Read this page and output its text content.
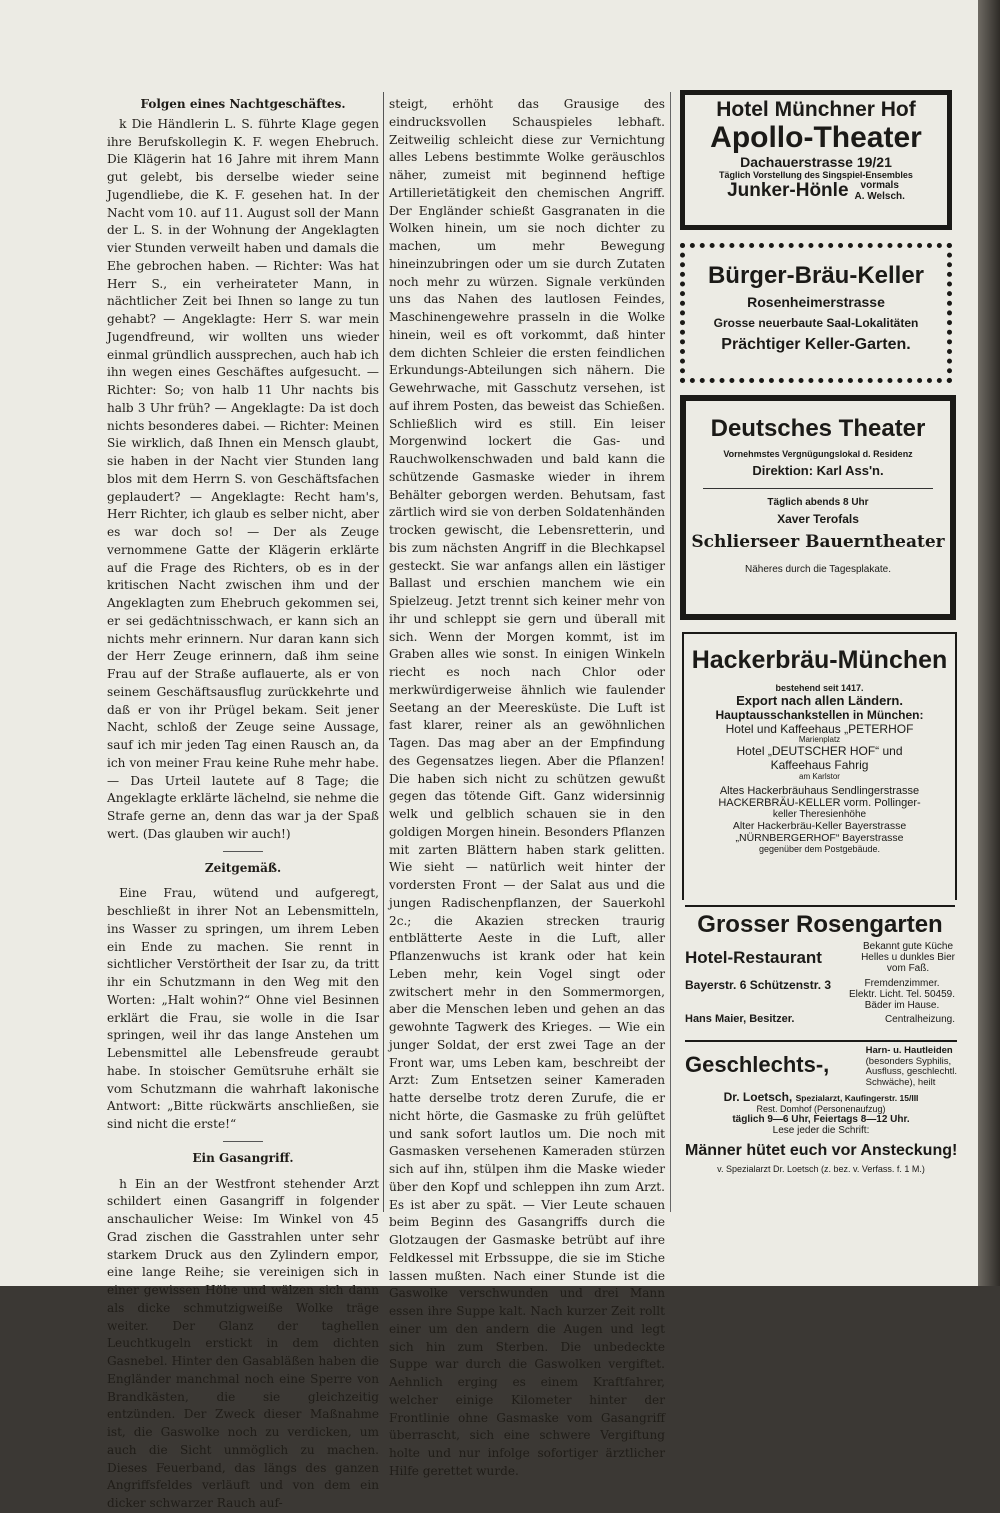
Folgen eines Nachtgeschäftes.

k Die Händlerin L. S. führte Klage gegen ihre Berufskollegin K. F. wegen Ehebruch. Die Klägerin hat 16 Jahre mit ihrem Mann gut gelebt, bis derselbe wieder seine Jugendliebe, die K. F. gesehen hat. In der Nacht vom 10. auf 11. August soll der Mann der L. S. in der Wohnung der Angeklagten vier Stunden verweilt haben und damals die Ehe gebrochen haben. — Richter: Was hat Herr S., ein verheirateter Mann, in nächtlicher Zeit bei Ihnen so lange zu tun gehabt? — Angeklagte: Herr S. war mein Jugendfreund, wir wollten uns wieder einmal gründlich aussprechen, auch hab ich ihn wegen eines Geschäftes aufgesucht. — Richter: So; von halb 11 Uhr nachts bis halb 3 Uhr früh? — Angeklagte: Da ist doch nichts besonderes dabei. — Richter: Meinen Sie wirklich, daß Ihnen ein Mensch glaubt, sie haben in der Nacht vier Stunden lang blos mit dem Herrn S. von Geschäftsfachen geplaudert? — Angeklagte: Recht ham's, Herr Richter, ich glaub es selber nicht, aber es war doch so! — Der als Zeuge vernommene Gatte der Klägerin erklärte auf die Frage des Richters, ob es in der kritischen Nacht zwischen ihm und der Angeklagten zum Ehebruch gekommen sei, er sei gedächtnisschwach, er kann sich an nichts mehr erinnern. Nur daran kann sich der Herr Zeuge erinnern, daß ihm seine Frau auf der Straße auflauerte, als er von seinem Geschäftsausflug zurückkehrte und daß er von ihr Prügel bekam. Seit jener Nacht, schloß der Zeuge seine Aussage, sauf ich mir jeden Tag einen Rausch an, da ich von meiner Frau keine Ruhe mehr habe. — Das Urteil lautete auf 8 Tage; die Angeklagte erklärte lächelnd, sie nehme die Strafe gerne an, denn das war ja der Spaß wert. (Das glauben wir auch!)

Zeitgemäß.

Eine Frau, wütend und aufgeregt, beschließt in ihrer Not an Lebensmitteln, ins Wasser zu springen, um ihrem Leben ein Ende zu machen. Sie rennt in sichtlicher Verstörtheit der Isar zu, da tritt ihr ein Schutzmann in den Weg mit den Worten: „Halt wohin?“ Ohne viel Besinnen erklärt die Frau, sie wolle in die Isar springen, weil ihr das lange Anstehen um Lebensmittel alle Lebensfreude geraubt habe. In stoischer Gemütsruhe erhält sie vom Schutzmann die wahrhaft lakonische Antwort: „Bitte rückwärts anschließen, sie sind nicht die erste!“

Ein Gasangriff.

h Ein an der Westfront stehender Arzt schildert einen Gasangriff in folgender anschaulicher Weise: Im Winkel von 45 Grad zischen die Gasstrahlen unter sehr starkem Druck aus den Zylindern empor, eine lange Reihe; sie vereinigen sich in einer gewissen Höhe und wälzen sich dann als dicke schmutzigweiße Wolke träge weiter. Der Glanz der taghellen Leuchtkugeln erstickt in dem dichten Gasnebel. Hinter den Gasabläßen haben die Engländer manchmal noch eine Sperre von Brandkästen, die sie gleichzeitig entzünden. Der Zweck dieser Maßnahme ist, die Gaswolke noch zu verdicken, um auch die Sicht unmöglich zu machen. Dieses Feuerband, das längs des ganzen Angriffsfeldes verläuft und von dem ein dicker schwarzer Rauch auf-

steigt, erhöht das Grausige des eindrucksvollen Schauspieles lebhaft. Zeitweilig schleicht diese zur Vernichtung alles Lebens bestimmte Wolke geräuschlos näher, zumeist mit beginnend heftige Artillerietätigkeit den chemischen Angriff. Der Engländer schießt Gasgranaten in die Wolken hinein, um sie noch dichter zu machen, um mehr Bewegung hineinzubringen oder um sie durch Zutaten noch mehr zu würzen. Signale verkünden uns das Nahen des lautlosen Feindes, Maschinengewehre prasseln in die Wolke hinein, weil es oft vorkommt, daß hinter dem dichten Schleier die ersten feindlichen Erkundungs-Abteilungen sich nähern. Die Gewehrwache, mit Gasschutz versehen, ist auf ihrem Posten, das beweist das Schießen. Schließlich wird es still. Ein leiser Morgenwind lockert die Gas- und Rauchwolkenschwaden und bald kann die schützende Gasmaske wieder in ihrem Behälter geborgen werden. Behutsam, fast zärtlich wird sie von derben Soldatenhänden trocken gewischt, die Lebensretterin, und bis zum nächsten Angriff in die Blechkapsel gesteckt. Sie war anfangs allen ein lästiger Ballast und erschien manchem wie ein Spielzeug. Jetzt trennt sich keiner mehr von ihr und schleppt sie gern und überall mit sich. Wenn der Morgen kommt, ist im Graben alles wie sonst. In einigen Winkeln riecht es noch nach Chlor oder merkwürdigerweise ähnlich wie faulender Seetang an der Meeresküste. Die Luft ist fast klarer, reiner als an gewöhnlichen Tagen. Das mag aber an der Empfindung des Gegensatzes liegen. Aber die Pflanzen! Die haben sich nicht zu schützen gewußt gegen das tötende Gift. Ganz widersinnig welk und gelblich schauen sie in den goldigen Morgen hinein. Besonders Pflanzen mit zarten Blättern haben stark gelitten. Wie sieht — natürlich weit hinter der vordersten Front — der Salat aus und die jungen Radischenpflanzen, der Sauerkohl 2c.; die Akazien strecken traurig entblätterte Aeste in die Luft, aller Pflanzenwuchs ist krank oder hat kein Leben mehr, kein Vogel singt oder zwitschert mehr in den Sommermorgen, aber die Menschen leben und gehen an das gewohnte Tagwerk des Krieges. — Wie ein junger Soldat, der erst zwei Tage an der Front war, ums Leben kam, beschreibt der Arzt: Zum Entsetzen seiner Kameraden hatte derselbe trotz deren Zurufe, die er nicht hörte, die Gasmaske zu früh gelüftet und sank sofort lautlos um. Die noch mit Gasmasken versehenen Kameraden stürzen sich auf ihn, stülpen ihm die Maske wieder über den Kopf und schleppen ihn zum Arzt. Es ist aber zu spät. — Vier Leute schauen beim Beginn des Gasangriffs durch die Glotzaugen der Gasmaske betrübt auf ihre Feldkessel mit Erbssuppe, die sie im Stiche lassen mußten. Nach einer Stunde ist die Gaswolke verschwunden und drei Mann essen ihre Suppe kalt. Nach kurzer Zeit rollt einer um den andern die Augen und legt sich hin zum Sterben. Die unbedeckte Suppe war durch die Gaswolken vergiftet. Aehnlich erging es einem Kraftfahrer, welcher einige Kilometer hinter der Frontlinie ohne Gasmaske vom Gasangriff überrascht, sich eine schwere Vergiftung holte und nur infolge sofortiger ärztlicher Hilfe gerettet wurde.

Hotel Münchner Hof
Apollo-Theater
Dachauerstrasse 19/21
Täglich Vorstellung des Singspiel-Ensembles
Junker-Hönle	vormals
A. Welsch.
Bürger-Bräu-Keller
Rosenheimerstrasse
Grosse neuerbaute Saal-Lokalitäten
Prächtiger Keller-Garten.
Deutsches Theater
Vornehmstes Vergnügungslokal d. Residenz
Direktion: Karl Ass'n.
Täglich abends 8 Uhr
Xaver Terofals
Schlierseer Bauerntheater
Näheres durch die Tagesplakate.
Hackerbräu-München
bestehend seit 1417.
Export nach allen Ländern.
Hauptausschankstellen in München:
Hotel und Kaffeehaus „PETERHOF
Marienplatz
Hotel „DEUTSCHER HOF“ und
Kaffeehaus Fahrig
am Karlstor
Altes Hackerbräuhaus Sendlingerstrasse
HACKERBRÄU-KELLER vorm. Pollinger-
keller Theresienhöhe
Alter Hackerbräu-Keller Bayerstrasse
„NÜRNBERGERHOF“ Bayerstrasse
gegenüber dem Postgebäude.
Grosser Rosengarten
Hotel-Restaurant
Bekannt gute Küche
Helles u dunkles Bier
vom Faß.
Bayerstr. 6 Schützenstr. 3	Fremdenzimmer.
Elektr. Licht. Tel. 50459.
Bäder im Hause.
Hans Maier, Besitzer.	Centralheizung.
Geschlechts-,
Harn- u. Hautleiden
(besonders Syphilis,
Ausfluss, geschlechtl.
Schwäche), heilt
Dr. Loetsch, Spezialarzt, Kaufingerstr. 15/III
Rest. Domhof (Personenaufzug)
täglich 9—6 Uhr, Feiertags 8—12 Uhr.
Lese jeder die Schrift:
Männer hütet euch vor Ansteckung!
v. Spezialarzt Dr. Loetsch (z. bez. v. Verfass. f. 1 M.)
